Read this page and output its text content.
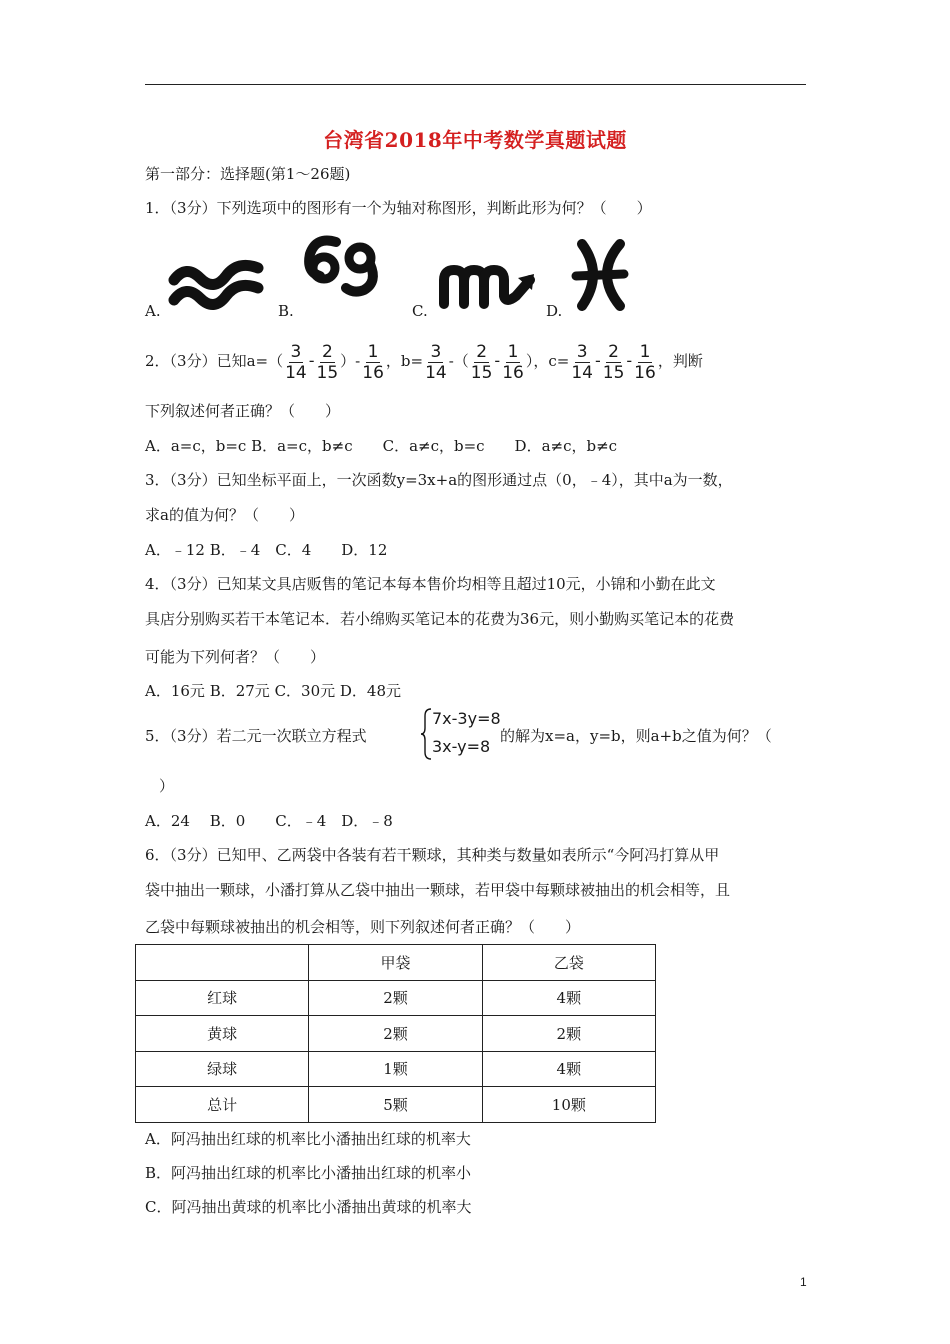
台湾省2018年中考数学真题试题
第一部分：选择题(第1～26题)
1．（3分）下列选项中的图形有一个为轴对称图形，判断此形为何？（　　）
A.	B.	C.	D.
2．（3分）已知$a=( \frac{3}{14} - \frac{2}{15}$ ）- $\frac{1}{16}$ ，$b= \frac{3}{14}$ -（ $\frac{2}{15} - \frac{1}{16}$ ），$c= \frac{3}{14} - \frac{2}{15} - \frac{1}{16}$ ，判断
下列叙述何者正确？（　　）
A．a=c，b=c B．a=c，b≠c　　C．a≠c，b=c　　D．a≠c，b≠c
3．（3分）已知坐标平面上，一次函数y=3x+a的图形通过点（0，﹣4），其中a为一数，
求a的值为何？（　　）
A．﹣12 B．﹣4　C．4　　D．12
4．（3分）已知某文具店贩售的笔记本每本售价均相等且超过10元，小锦和小勤在此文
具店分别购买若干本笔记本．若小绵购买笔记本的花费为36元，则小勤购买笔记本的花费
可能为下列何者？（　　）
A．16元 B．27元 C．30元 D．48元
5．（3分）若二元一次联立方程式
7x-3y=8
3x-y=8
的解为x=a，y=b，则a+b之值为何？（
）
A．24　 B．0　　C．﹣4　D．﹣8
6．（3分）已知甲、乙两袋中各装有若干颗球，其种类与数量如表所示“今阿冯打算从甲
袋中抽出一颗球，小潘打算从乙袋中抽出一颗球，若甲袋中每颗球被抽出的机会相等，且
乙袋中每颗球被抽出的机会相等，则下列叙述何者正确？（　　）
	甲袋	乙袋
红球	2颗	4颗
黄球	2颗	2颗
绿球	1颗	4颗
总计	5颗	10颗
A．阿冯抽出红球的机率比小潘抽出红球的机率大
B．阿冯抽出红球的机率比小潘抽出红球的机率小
C．阿冯抽出黄球的机率比小潘抽出黄球的机率大
1
